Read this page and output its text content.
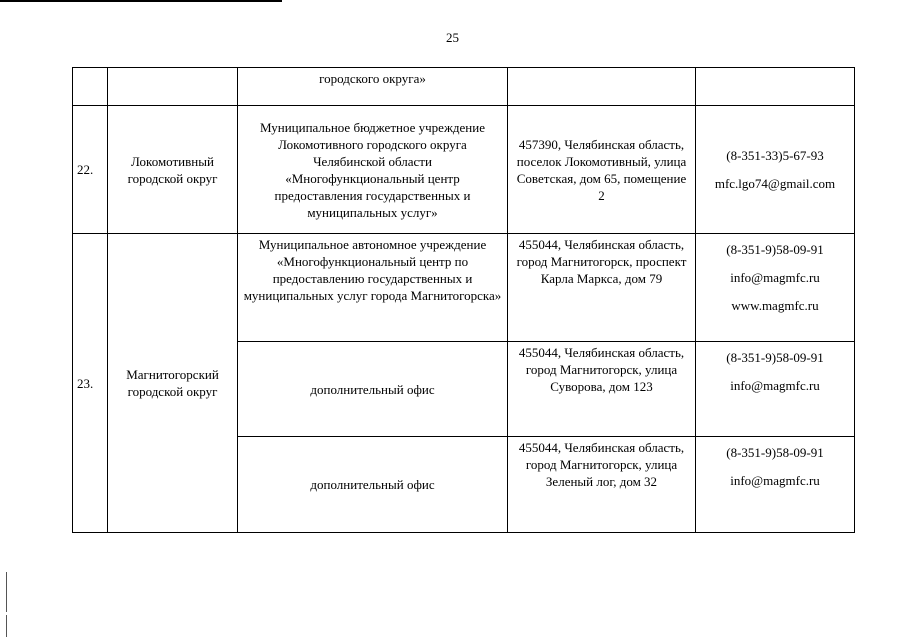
25
		городского округа»		
22.	Локомотивный городской округ	Муниципальное бюджетное учреждение Локомотивного городского округа Челябинской области «Многофункциональный центр предоставления государственных и муниципальных услуг»	457390, Челябинская область, поселок Локомотивный, улица Советская, дом 65, помещение 2	(8-351-33)5-67-93
mfc.lgo74@gmail.com

23.	Магнитогорский городской округ	Муниципальное автономное учреждение «Многофункциональный центр по предоставлению государственных и муниципальных услуг города Магнитогорска»	455044, Челябинская область, город Магнитогорск, проспект Карла Маркса, дом 79	(8-351-9)58-09-91
info@magmfc.ru
www.magmfc.ru

		дополнительный офис	455044, Челябинская область, город Магнитогорск, улица Суворова, дом 123	(8-351-9)58-09-91
info@magmfc.ru

		дополнительный офис	455044, Челябинская область, город Магнитогорск, улица Зеленый лог, дом 32	(8-351-9)58-09-91
info@magmfc.ru
